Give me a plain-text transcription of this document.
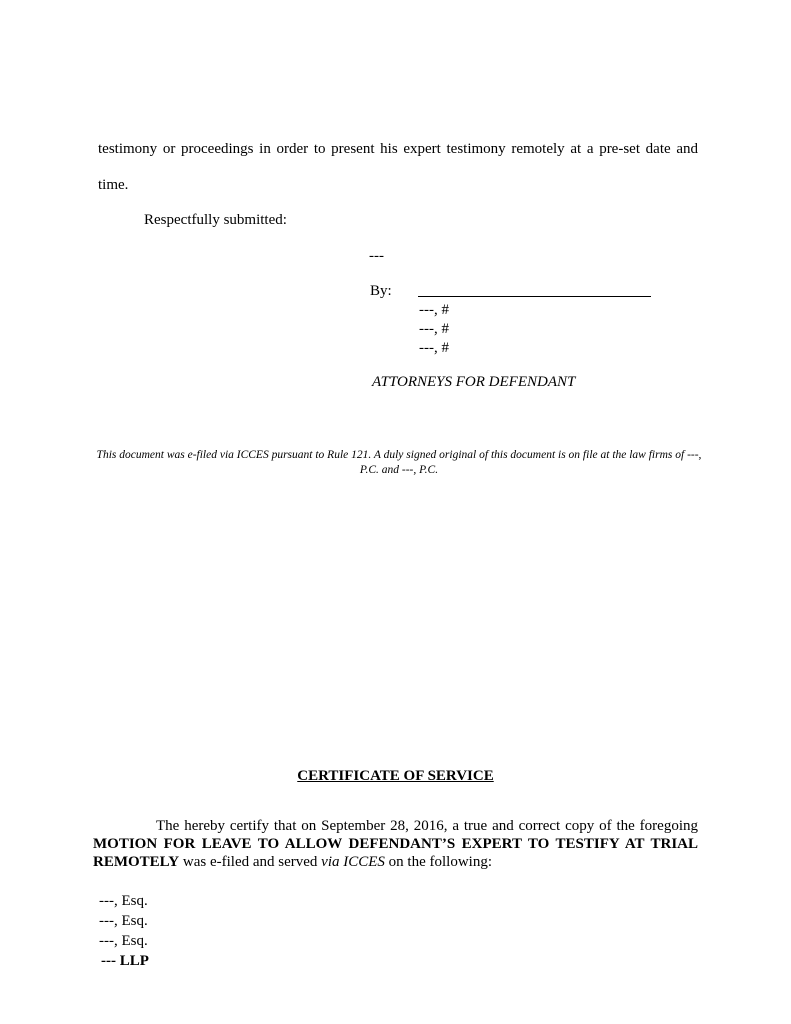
testimony or proceedings in order to present his expert testimony remotely at a pre-set date and
time.
Respectfully submitted:
---
By:
---, #
---, #
---, #
ATTORNEYS FOR DEFENDANT
This document was e-filed via ICCES pursuant to Rule 121. A duly signed original of this document is on file at the law firms of ---, P.C. and ---, P.C.
CERTIFICATE OF SERVICE
The hereby certify that on September 28, 2016, a true and correct copy of the foregoing MOTION FOR LEAVE TO ALLOW DEFENDANT’S EXPERT TO TESTIFY AT TRIAL REMOTELY was e-filed and served via ICCES on the following:
---, Esq.
---, Esq.
---, Esq.
--- LLP
